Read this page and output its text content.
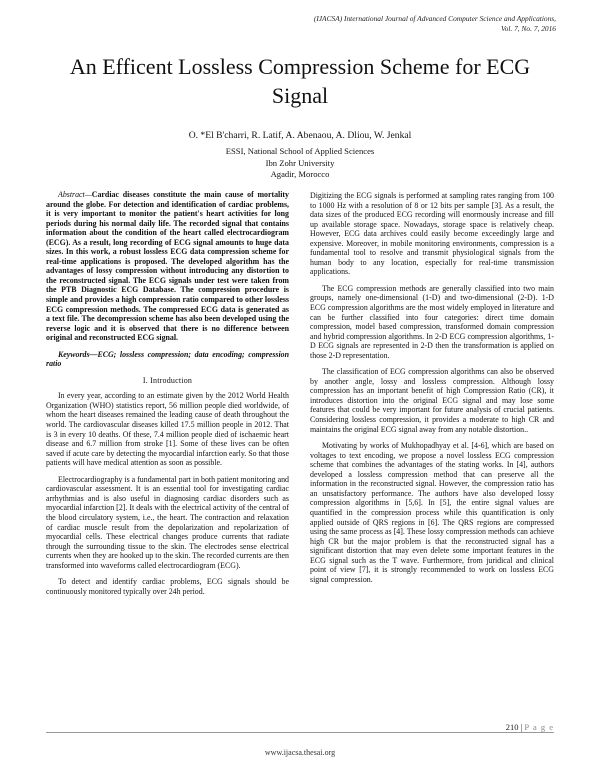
(IJACSA) International Journal of Advanced Computer Science and Applications,
Vol. 7, No. 7, 2016
An Efficent Lossless Compression Scheme for ECG Signal
O. *El B'charri, R. Latif, A. Abenaou, A. Dliou, W. Jenkal
ESSI, National School of Applied Sciences
Ibn Zohr University
Agadir, Morocco

Abstract—Cardiac diseases constitute the main cause of mortality around the globe. For detection and identification of cardiac problems, it is very important to monitor the patient's heart activities for long periods during his normal daily life. The recorded signal that contains information about the condition of the heart called electrocardiogram (ECG). As a result, long recording of ECG signal amounts to huge data sizes. In this work, a robust lossless ECG data compression scheme for real-time applications is proposed. The developed algorithm has the advantages of lossy compression without introducing any distortion to the reconstructed signal. The ECG signals under test were taken from the PTB Diagnostic ECG Database. The compression procedure is simple and provides a high compression ratio compared to other lossless ECG compression methods. The compressed ECG data is generated as a text file. The decompression scheme has also been developed using the reverse logic and it is observed that there is no difference between original and reconstructed ECG signal.

Keywords—ECG; lossless compression; data encoding; compression ratio

I. Introduction

In every year, according to an estimate given by the 2012 World Health Organization (WHO) statistics report, 56 million people died worldwide, of whom the heart diseases remained the leading cause of death throughout the world. The cardiovascular diseases killed 17.5 million people in 2012. That is 3 in every 10 deaths. Of these, 7.4 million people died of ischaemic heart disease and 6.7 million from stroke [1]. Some of these lives can be often saved if acute care by detecting the myocardial infarction early. So that those patients will have medical attention as soon as possible.

Electrocardiography is a fundamental part in both patient monitoring and cardiovascular assessment. It is an essential tool for investigating cardiac arrhythmias and is also useful in diagnosing cardiac disorders such as myocardial infarction [2]. It deals with the electrical activity of the central of the blood circulatory system, i.e., the heart. The contraction and relaxation of cardiac muscle result from the depolarization and repolarization of myocardial cells. These electrical changes produce currents that radiate through the surrounding tissue to the skin. The electrodes sense electrical currents when they are hooked up to the skin. The recorded currents are then transformed into waveforms called electrocardiogram (ECG).

To detect and identify cardiac problems, ECG signals should be continuously monitored typically over 24h period.

Digitizing the ECG signals is performed at sampling rates ranging from 100 to 1000 Hz with a resolution of 8 or 12 bits per sample [3]. As a result, the data sizes of the produced ECG recording will enormously increase and fill up available storage space. Nowadays, storage space is relatively cheap. However, ECG data archives could easily become exceedingly large and expensive. Moreover, in mobile monitoring environments, compression is a fundamental tool to resolve and transmit physiological signals from the human body to any location, especially for real-time transmission applications.

The ECG compression methods are generally classified into two main groups, namely one-dimensional (1-D) and two-dimensional (2-D). 1-D ECG compression algorithms are the most widely employed in literature and can be further classified into four categories: direct time domain compression, model based compression, transformed domain compression and hybrid compression algorithms. In 2-D ECG compression algorithms, 1-D ECG signals are represented in 2-D then the transformation is applied on those 2-D representation.

The classification of ECG compression algorithms can also be observed by another angle, lossy and lossless compression. Although lossy compression has an important benefit of high Compression Ratio (CR), it introduces distortion into the original ECG signal and may lose some features that could be very important for future analysis of crucial patients. Considering lossless compression, it provides a moderate to high CR and maintains the original ECG signal away from any notable distortion..

Motivating by works of Mukhopadhyay et al. [4-6], which are based on voltages to text encoding, we propose a novel lossless ECG compression scheme that combines the advantages of the stating works. In [4], authors developed a lossless compression method that can preserve all the information in the reconstructed signal. However, the compression ratio has an unsatisfactory performance. The authors have also developed lossy compression algorithms in [5,6]. In [5], the entire signal values are quantified in the compression process while this quantification is only applied outside of QRS regions in [6]. The QRS regions are compressed using the same process as [4]. These lossy compression methods can achieve high CR but the major problem is that the reconstructed signal has a significant distortion that may even delete some important features in the ECG signal such as the T wave. Furthermore, from juridical and clinical point of view [7], it is strongly recommended to work on lossless ECG signal compression.

210 | P a g e
www.ijacsa.thesai.org
